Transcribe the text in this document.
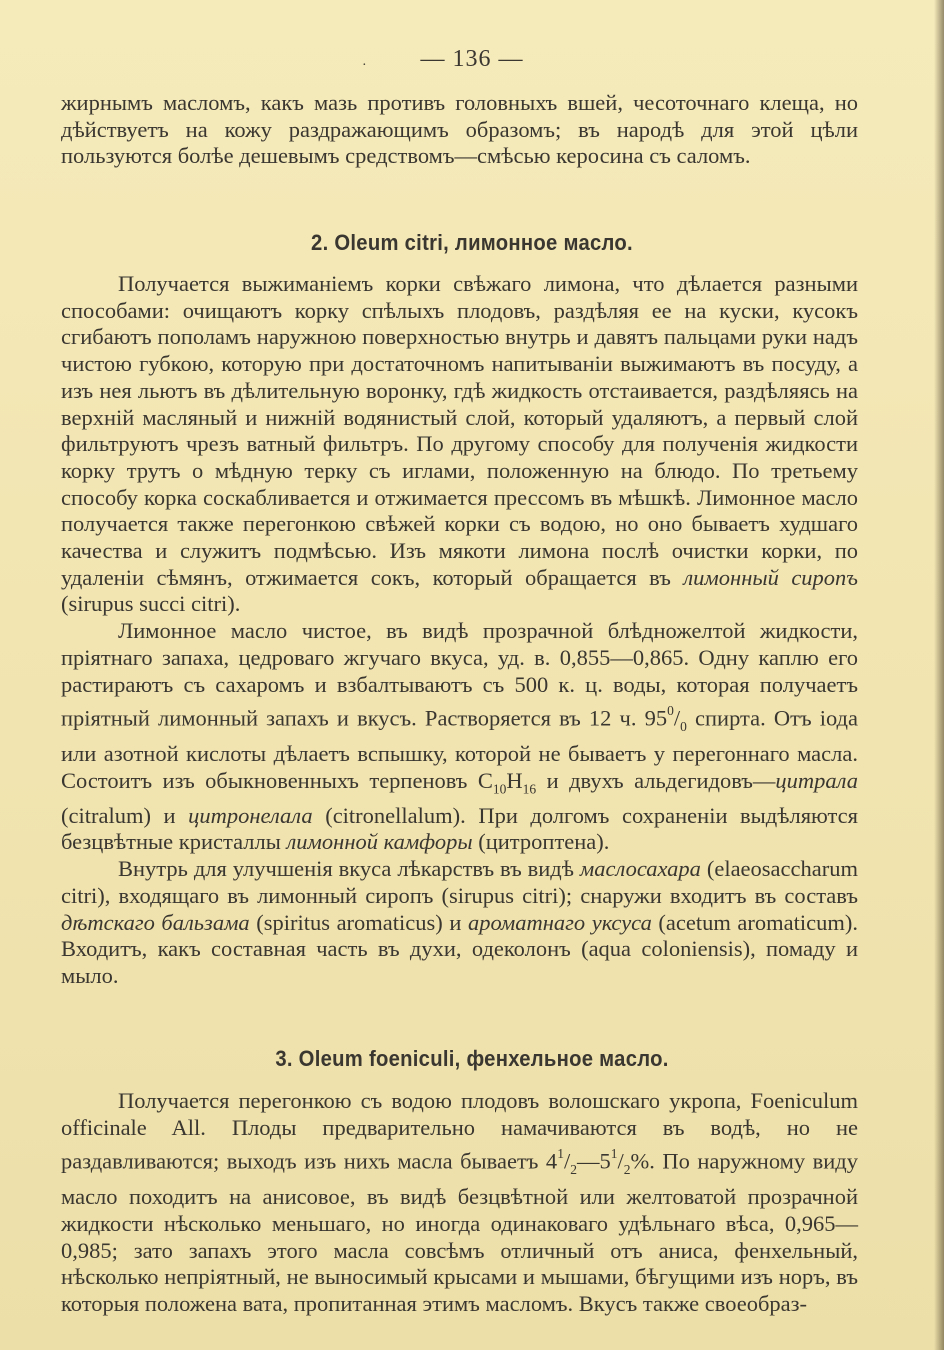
·	— 136 —

жирнымъ масломъ, какъ мазь противъ головныхъ вшей, чесоточнаго клеща, но дѣйствуетъ на кожу раздражающимъ образомъ; въ народѣ для этой цѣли пользуются болѣе дешевымъ средствомъ—смѣсью керосина съ саломъ.

2. Oleum citri, лимонное масло.

Получается выжиманіемъ корки свѣжаго лимона, что дѣлается разными способами: очищаютъ корку спѣлыхъ плодовъ, раздѣляя ее на куски, кусокъ сгибаютъ пополамъ наружною поверхностью внутрь и давятъ пальцами руки надъ чистою губкою, которую при достаточномъ напитываніи выжимаютъ въ посуду, а изъ нея льютъ въ дѣлительную воронку, гдѣ жидкость отстаивается, раздѣляясь на верхній масляный и нижній водянистый слой, который удаляютъ, а первый слой фильтруютъ чрезъ ватный фильтръ. По другому способу для полученія жидкости корку трутъ о мѣдную терку съ иглами, положенную на блюдо. По третьему способу корка соскабливается и отжимается пpессомъ въ мѣшкѣ. Лимонное масло получается также перегонкою свѣжей корки съ водою, но оно бываетъ худшаго качества и служитъ подмѣсью. Изъ мякоти лимона послѣ очистки корки, по удаленіи сѣмянъ, отжимается сокъ, который обращается въ лимонный сиропъ (sirupus succi citri).

Лимонное масло чистое, въ видѣ прозрачной блѣдножелтой жидкости, пріятнаго запаха, цедроваго жгучаго вкуса, уд. в. 0,855—0,865. Одну каплю его растираютъ съ сахаромъ и взбалтываютъ съ 500 к. ц. воды, которая получаетъ пріятный лимонный запахъ и вкусъ. Растворяется въ 12 ч. $95^0/_0$ спирта. Отъ іода или азотной кислоты дѣлаетъ вспышку, которой не бываетъ у перегоннаго масла. Состоитъ изъ обыкновенныхъ терпеновъ $C_{10}H_{16}$ и двухъ альдегидовъ—цитрала (citralum) и цитронелала (citronellalum). При долгомъ сохраненіи выдѣляются безцвѣтные кристаллы лимонной камфоры (цитроптена).

Внутрь для улучшенія вкуса лѣкарствъ въ видѣ маслосахара (elaeosaccharum citri), входящаго въ лимонный сиропъ (sirupus citri); снаружи входитъ въ составъ дѣтскаго бальзама (spiritus aromaticus) и ароматнаго уксуса (acetum aromaticum). Входитъ, какъ составная часть въ духи, одеколонъ (aqua coloniensis), помаду и мыло.

3. Oleum foeniculi, фенхельное масло.

Получается перегонкою съ водою плодовъ волошскаго укропа, Foeniculum officinale All. Плоды предварительно намачиваются въ водѣ, но не раздавливаются; выходъ изъ нихъ масла бываетъ $4^1/_2—5^1/_2\%$. По наружному виду масло походитъ на анисовое, въ видѣ безцвѣтной или желтоватой прозрачной жидкости нѣсколько меньшаго, но иногда одинаковаго удѣльнаго вѣса, 0,965—0,985; зато запахъ этого масла совсѣмъ отличный отъ аниса, фенхельный, нѣсколько непріятный, не выносимый крысами и мышами, бѣгущими изъ норъ, въ которыя положена вата, пропитанная этимъ масломъ. Вкусъ также своеобраз-
